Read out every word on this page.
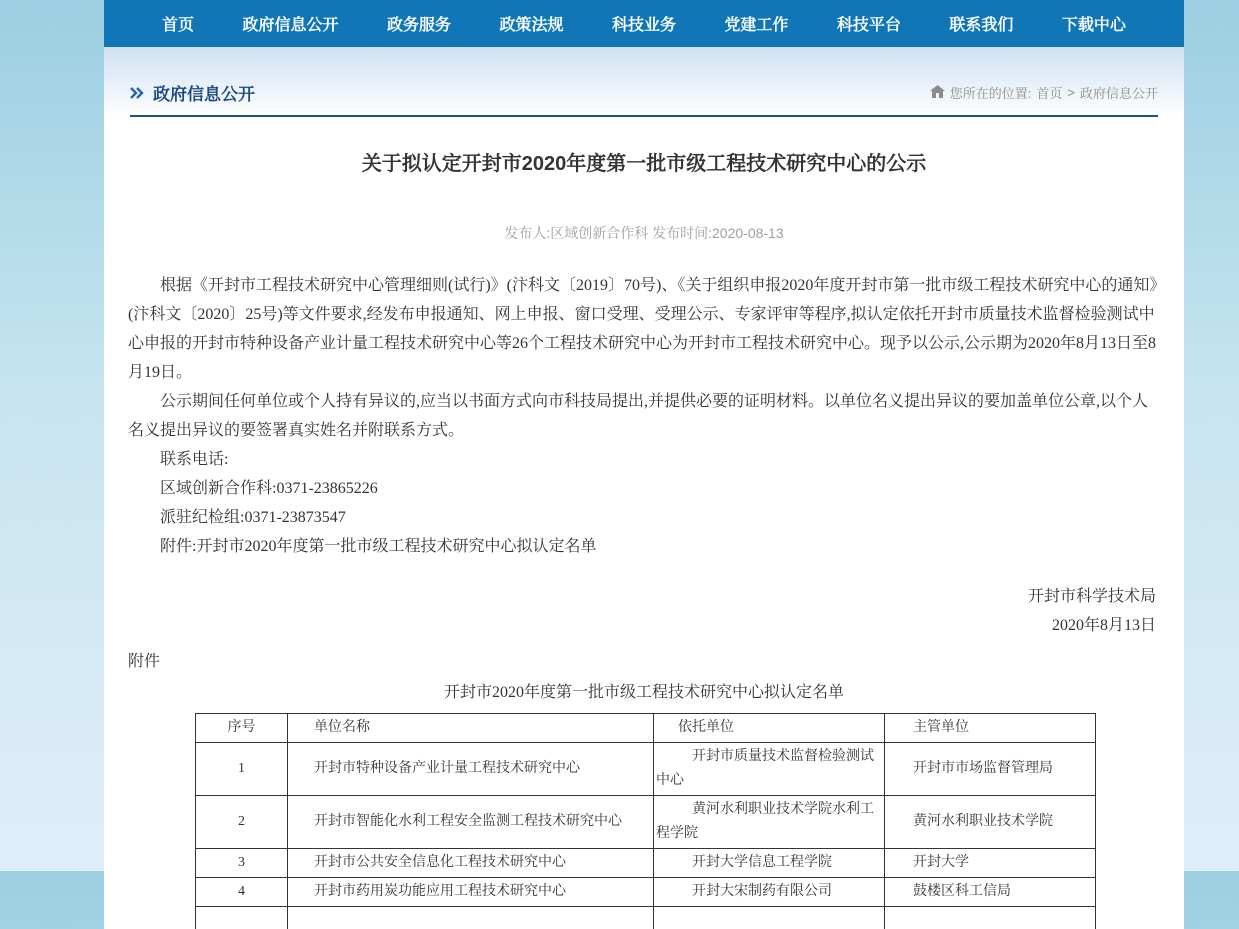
首页	政府信息公开	政务服务	政策法规	科技业务	党建工作	科技平台	联系我们	下载中心
政府信息公开	您所在的位置: 首页 > 政府信息公开
关于拟认定开封市2020年度第一批市级工程技术研究中心的公示
发布人:区域创新合作科 发布时间:2020-08-13

根据《开封市工程技术研究中心管理细则(试行)》(汴科文〔2019〕70号)、《关于组织申报2020年度开封市第一批市级工程技术研究中心的通知》(汴科文〔2020〕25号)等文件要求,经发布申报通知、网上申报、窗口受理、受理公示、专家评审等程序,拟认定依托开封市质量技术监督检验测试中心申报的开封市特种设备产业计量工程技术研究中心等26个工程技术研究中心为开封市工程技术研究中心。现予以公示,公示期为2020年8月13日至8月19日。

公示期间任何单位或个人持有异议的,应当以书面方式向市科技局提出,并提供必要的证明材料。以单位名义提出异议的要加盖单位公章,以个人名义提出异议的要签署真实姓名并附联系方式。

联系电话:

区域创新合作科:0371-23865226

派驻纪检组:0371-23873547

附件:开封市2020年度第一批市级工程技术研究中心拟认定名单

开封市科学技术局
2020年8月13日
附件
开封市2020年度第一批市级工程技术研究中心拟认定名单
序号	单位名称	依托单位	主管单位
1	开封市特种设备产业计量工程技术研究中心	开封市质量技术监督检验测试中心	开封市市场监督管理局
2	开封市智能化水利工程安全监测工程技术研究中心	黄河水利职业技术学院水利工程学院	黄河水利职业技术学院
3	开封市公共安全信息化工程技术研究中心	开封大学信息工程学院	开封大学
4	开封市药用炭功能应用工程技术研究中心	开封大宋制药有限公司	鼓楼区科工信局
